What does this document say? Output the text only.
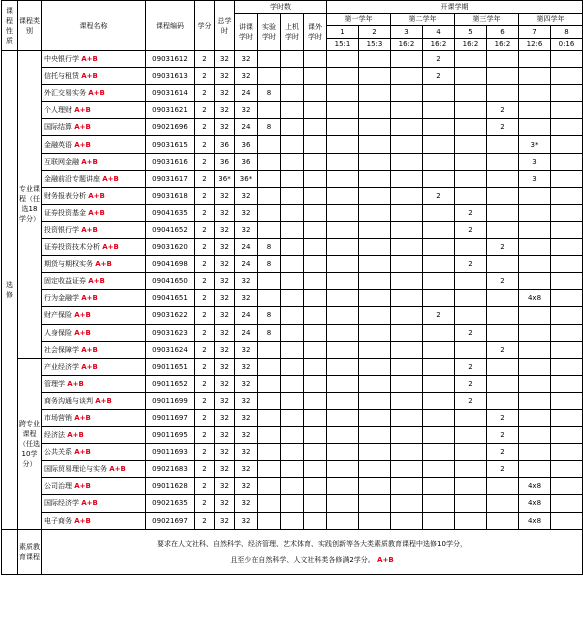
课程性质	课程类别	课程名称	课程编码	学分	总学时	学时数				开课学期							
						讲课学时	实验学时	上机学时	课外学时	第一学年		第二学年		第三学年		第四学年	
										1	2	3	4	5	6	7	8
										15:1	15:3	16:2	16:2	16:2	16:2	12:6	0:16
选修	专业课程（任选18学分）	中央银行学 A+B	09031612	2	32	32							2				
		信托与租赁 A+B	09031613	2	32	32							2				
		外汇交易实务 A+B	09031614	2	32	24	8										
		个人理财 A+B	09031621	2	32	32									2		
		国际结算 A+B	09021696	2	32	24	8								2		
		金融英语 A+B	09031615	2	36	36										3*	
		互联网金融 A+B	09031616	2	36	36										3	
		金融前沿专题讲座 A+B	09031617	2	36*	36*										3	
		财务报表分析 A+B	09031618	2	32	32							2				
		证券投资基金 A+B	09041635	2	32	32								2			
		投资银行学 A+B	09041652	2	32	32								2			
		证券投资技术分析 A+B	09031620	2	32	24	8								2		
		期货与期权实务 A+B	09041698	2	32	24	8							2			
		固定收益证券 A+B	09041650	2	32	32									2		
		行为金融学 A+B	09041651	2	32	32										4x8	
		财产保险 A+B	09031622	2	32	24	8						2				
		人身保险 A+B	09031623	2	32	24	8							2			
		社会保障学 A+B	09031624	2	32	32									2		
	跨专业课程（任选10学分）	产业经济学 A+B	09011651	2	32	32								2			
		管理学 A+B	09011652	2	32	32								2			
		商务沟通与谈判 A+B	09011699	2	32	32								2			
		市场营销 A+B	09011697	2	32	32									2		
		经济法 A+B	09011695	2	32	32									2		
		公共关系 A+B	09011693	2	32	32									2		
		国际贸易理论与实务 A+B	09021683	2	32	32									2		
		公司治理 A+B	09011628	2	32	32										4x8	
		国际经济学 A+B	09021635	2	32	32										4x8	
		电子商务 A+B	09021697	2	32	32										4x8	
	素质教育课程	要求在人文社科、自然科学、经济管理、艺术体育、实践创新等各大类素质教育课程中选修10学分，
且至少在自然科学、人文社科类各修满2学分。 A+B															
